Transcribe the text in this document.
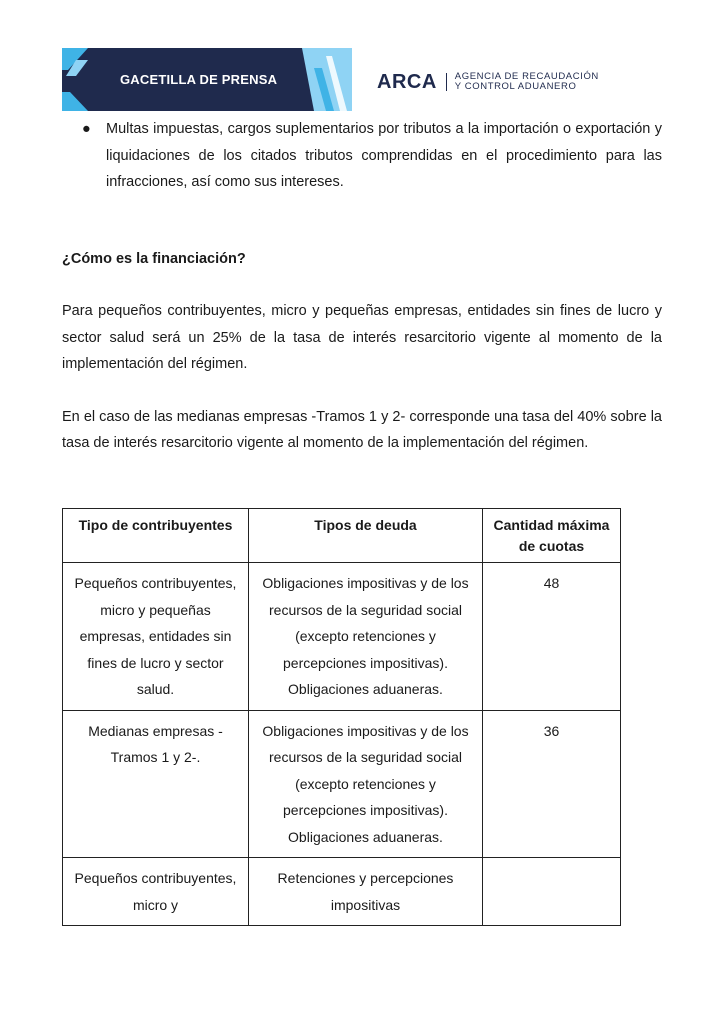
GACETILLA DE PRENSA	ARCA AGENCIA DE RECAUDACIÓN
Y CONTROL ADUANERO
●	Multas impuestas, cargos suplementarios por tributos a la importación o exportación y liquidaciones de los citados tributos comprendidas en el procedimiento para las infracciones, así como sus intereses.
¿Cómo es la financiación?
Para pequeños contribuyentes, micro y pequeñas empresas, entidades sin fines de lucro y sector salud será un 25% de la tasa de interés resarcitorio vigente al momento de la implementación del régimen.
En el caso de las medianas empresas -Tramos 1 y 2- corresponde una tasa del 40% sobre la tasa de interés resarcitorio vigente al momento de la implementación del régimen.
Tipo de contribuyentes	Tipos de deuda	Cantidad máxima de cuotas
Pequeños contribuyentes, micro y pequeñas empresas, entidades sin fines de lucro y sector salud.	Obligaciones impositivas y de los recursos de la seguridad social (excepto retenciones y percepciones impositivas). Obligaciones aduaneras.	48
Medianas empresas -Tramos 1 y 2-.	Obligaciones impositivas y de los recursos de la seguridad social (excepto retenciones y percepciones impositivas). Obligaciones aduaneras.	36
Pequeños contribuyentes, micro y	Retenciones y percepciones impositivas	
